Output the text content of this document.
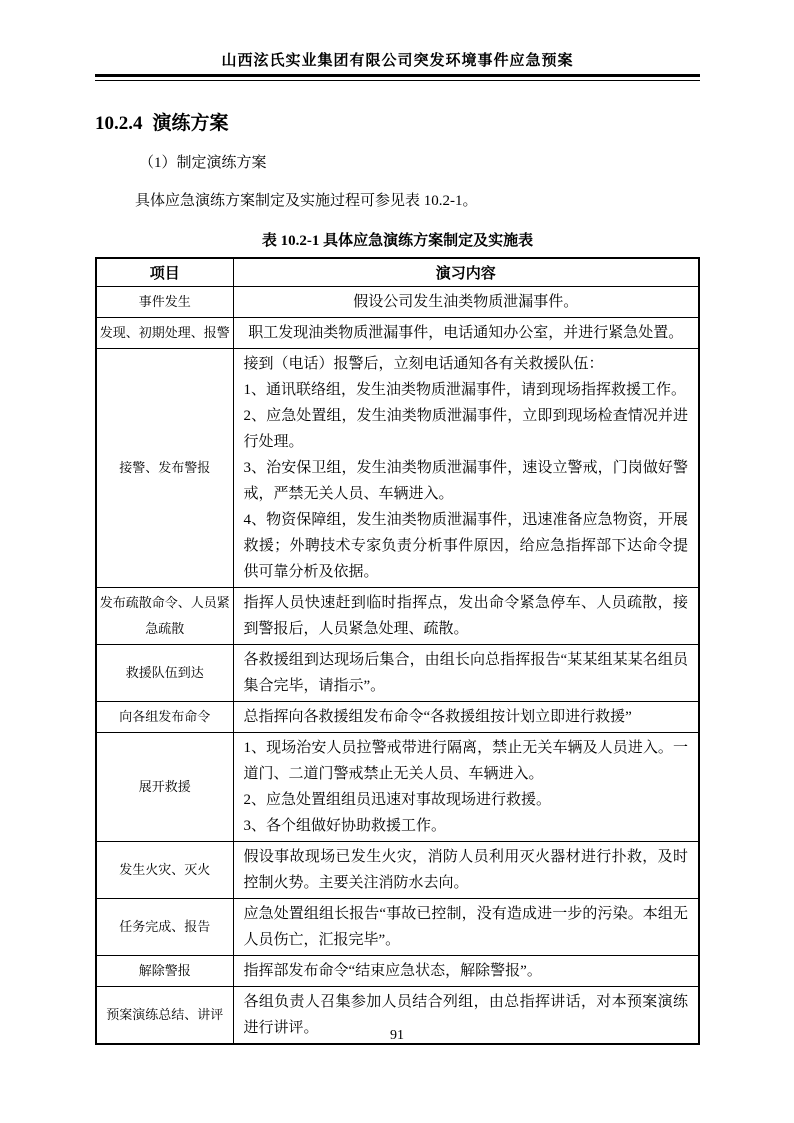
山西泫氏实业集团有限公司突发环境事件应急预案
10.2.4 演练方案
（1）制定演练方案
具体应急演练方案制定及实施过程可参见表 10.2-1。
表 10.2-1 具体应急演练方案制定及实施表
项目	演习内容
事件发生	假设公司发生油类物质泄漏事件。

发现、初期处理、报警	职工发现油类物质泄漏事件，电话通知办公室，并进行紧急处置。

接警、发布警报	接到（电话）报警后，立刻电话通知各有关救援队伍：
1、通讯联络组，发生油类物质泄漏事件，请到现场指挥救援工作。
2、应急处置组，发生油类物质泄漏事件，立即到现场检查情况并进行处理。
3、治安保卫组，发生油类物质泄漏事件，速设立警戒，门岗做好警戒，严禁无关人员、车辆进入。
4、物资保障组，发生油类物质泄漏事件，迅速准备应急物资，开展救援；外聘技术专家负责分析事件原因，给应急指挥部下达命令提供可靠分析及依据。

发布疏散命令、人员紧急疏散	指挥人员快速赶到临时指挥点，发出命令紧急停车、人员疏散，接到警报后，人员紧急处理、疏散。

救援队伍到达	各救援组到达现场后集合，由组长向总指挥报告“某某组某某名组员集合完毕，请指示”。

向各组发布命令	总指挥向各救援组发布命令“各救援组按计划立即进行救援”

展开救援	1、现场治安人员拉警戒带进行隔离，禁止无关车辆及人员进入。一道门、二道门警戒禁止无关人员、车辆进入。
2、应急处置组组员迅速对事故现场进行救援。
3、各个组做好协助救援工作。

发生火灾、灭火	假设事故现场已发生火灾，消防人员利用灭火器材进行扑救，及时控制火势。主要关注消防水去向。

任务完成、报告	应急处置组组长报告“事故已控制，没有造成进一步的污染。本组无人员伤亡，汇报完毕”。

解除警报	指挥部发布命令“结束应急状态，解除警报”。

预案演练总结、讲评	各组负责人召集参加人员结合列组，由总指挥讲话，对本预案演练进行讲评。	91
